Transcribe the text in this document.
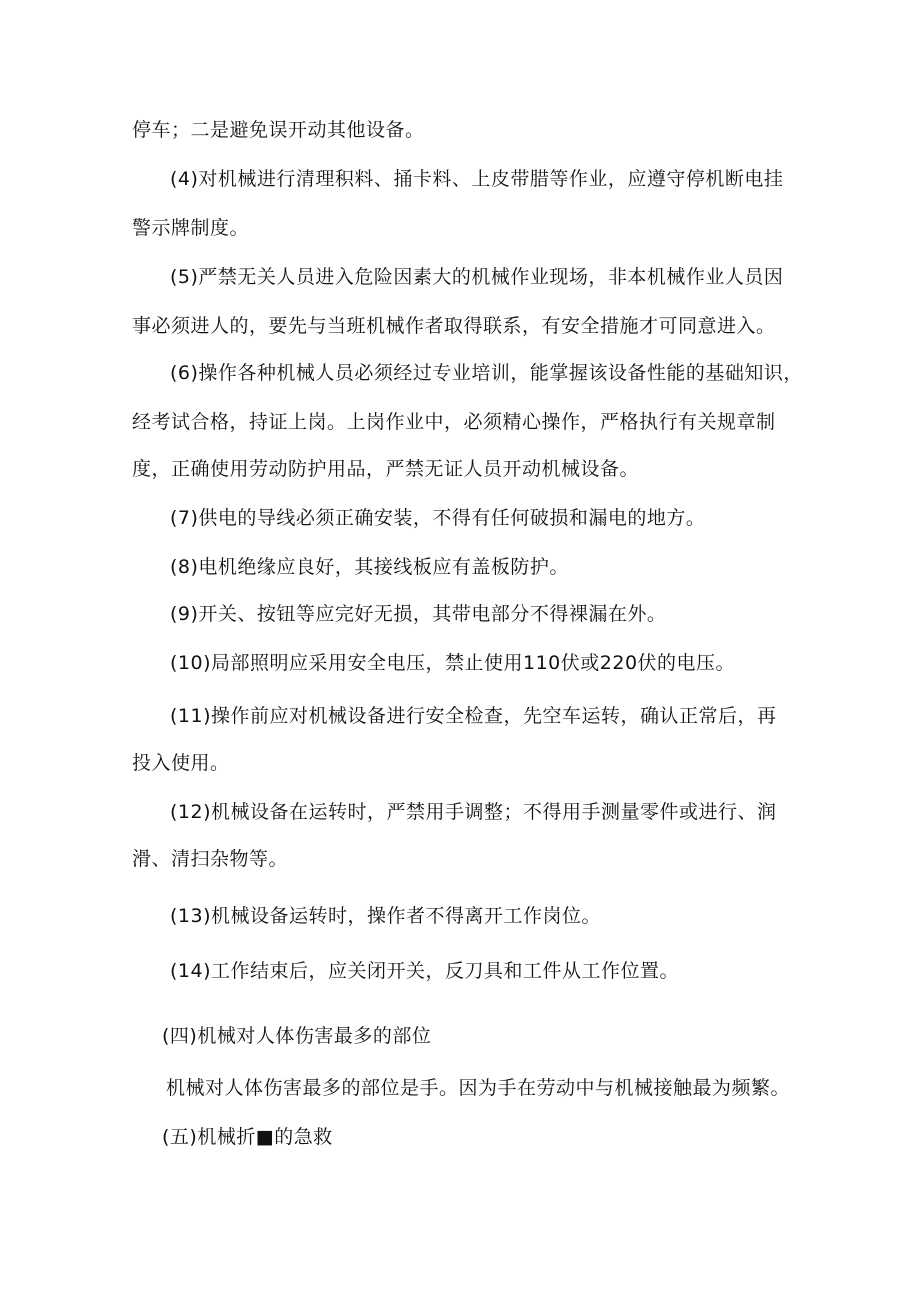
停车；二是避免误开动其他设备。
(4)对机械进行清理积料、捅卡料、上皮带腊等作业，应遵守停机断电挂
警示牌制度。
(5)严禁无关人员进入危险因素大的机械作业现场，非本机械作业人员因
事必须进人的，要先与当班机械作者取得联系，有安全措施才可同意进入。
(6)操作各种机械人员必须经过专业培训，能掌握该设备性能的基础知识，
经考试合格，持证上岗。上岗作业中，必须精心操作，严格执行有关规章制
度，正确使用劳动防护用品，严禁无证人员开动机械设备。
(7)供电的导线必须正确安装，不得有任何破损和漏电的地方。
(8)电机绝缘应良好，其接线板应有盖板防护。
(9)开关、按钮等应完好无损，其带电部分不得裸漏在外。
(10)局部照明应采用安全电压，禁止使用110伏或220伏的电压。
(11)操作前应对机械设备进行安全检查，先空车运转，确认正常后，再
投入使用。
(12)机械设备在运转时，严禁用手调整；不得用手测量零件或进行、润
滑、清扫杂物等。
(13)机械设备运转时，操作者不得离开工作岗位。
(14)工作结束后，应关闭开关，反刀具和工件从工作位置。
(四)机械对人体伤害最多的部位
机械对人体伤害最多的部位是手。因为手在劳动中与机械接触最为频繁。
(五)机械折■的急救
